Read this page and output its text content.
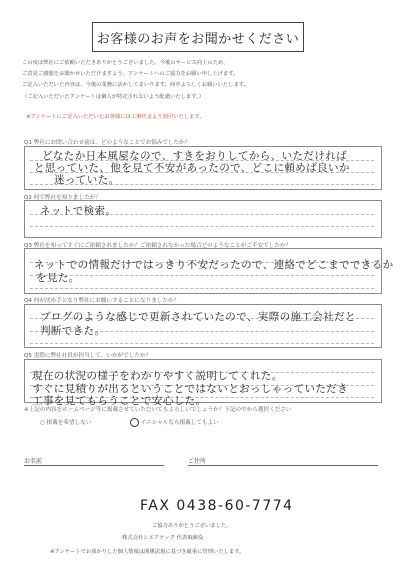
お客様のお声をお聞かせください
この度は弊社にご依頼いただきありがとうございました。今後のサービス向上のため、
ご意見ご感想をお聞かせいただけますよう、アンケートへのご協力をお願い申し上げます。
ご記入いただいた内容は、今後の業務に活かしてまいります。何卒よろしくお願いいたします。
（ご記入いただいたアンケートは個人が特定されないよう配慮いたします。）
※アンケートにご記入いただいたお客様には工事代金より割引いたします。
Q1 弊社にお問い合わせ前は、どのようなことでお悩みでしたか？
どなたか日本風屋なので、すきをおりしてから、いただければ
と思っていた、他を見て不安があったので、どこに頼めば良いか
迷っていた。
Q2 何で弊社を知りましたか？
ネットで検索。
Q3 弊社を知ってすぐにご依頼されましたか？ご依頼されなかった場合どのようなことがご不安でしたか？
ネットでの情報だけではっきり不安だったので、連絡でどこまでできるか
を見た。
Q4 何が決め手となり弊社にお願いすることになりましたか？
ブログのような感じで更新されていたので、実際の施工会社だと
判断できた。
Q5 実際に弊社社員が担当して、いかがでしたか？
現在の状況の様子をわかりやすく説明してくれた。
すぐに見積りが出るということではないとおっしゃっていただき
工事を見てもらうことで安心した。
※上記の内容をホームページ等に掲載させていただいてもよろしいでしょうか？下記の中から選択ください
○ 掲載を希望しない	イニシャルなら掲載してもよい
お名前	ご住所
FAX 0438-60-7774
ご協力ありがとうございました。
株式会社シエアテック 代表取締役
※アンケートでお預かりした個人情報は関係法規に基づき厳重に管理いたします。
